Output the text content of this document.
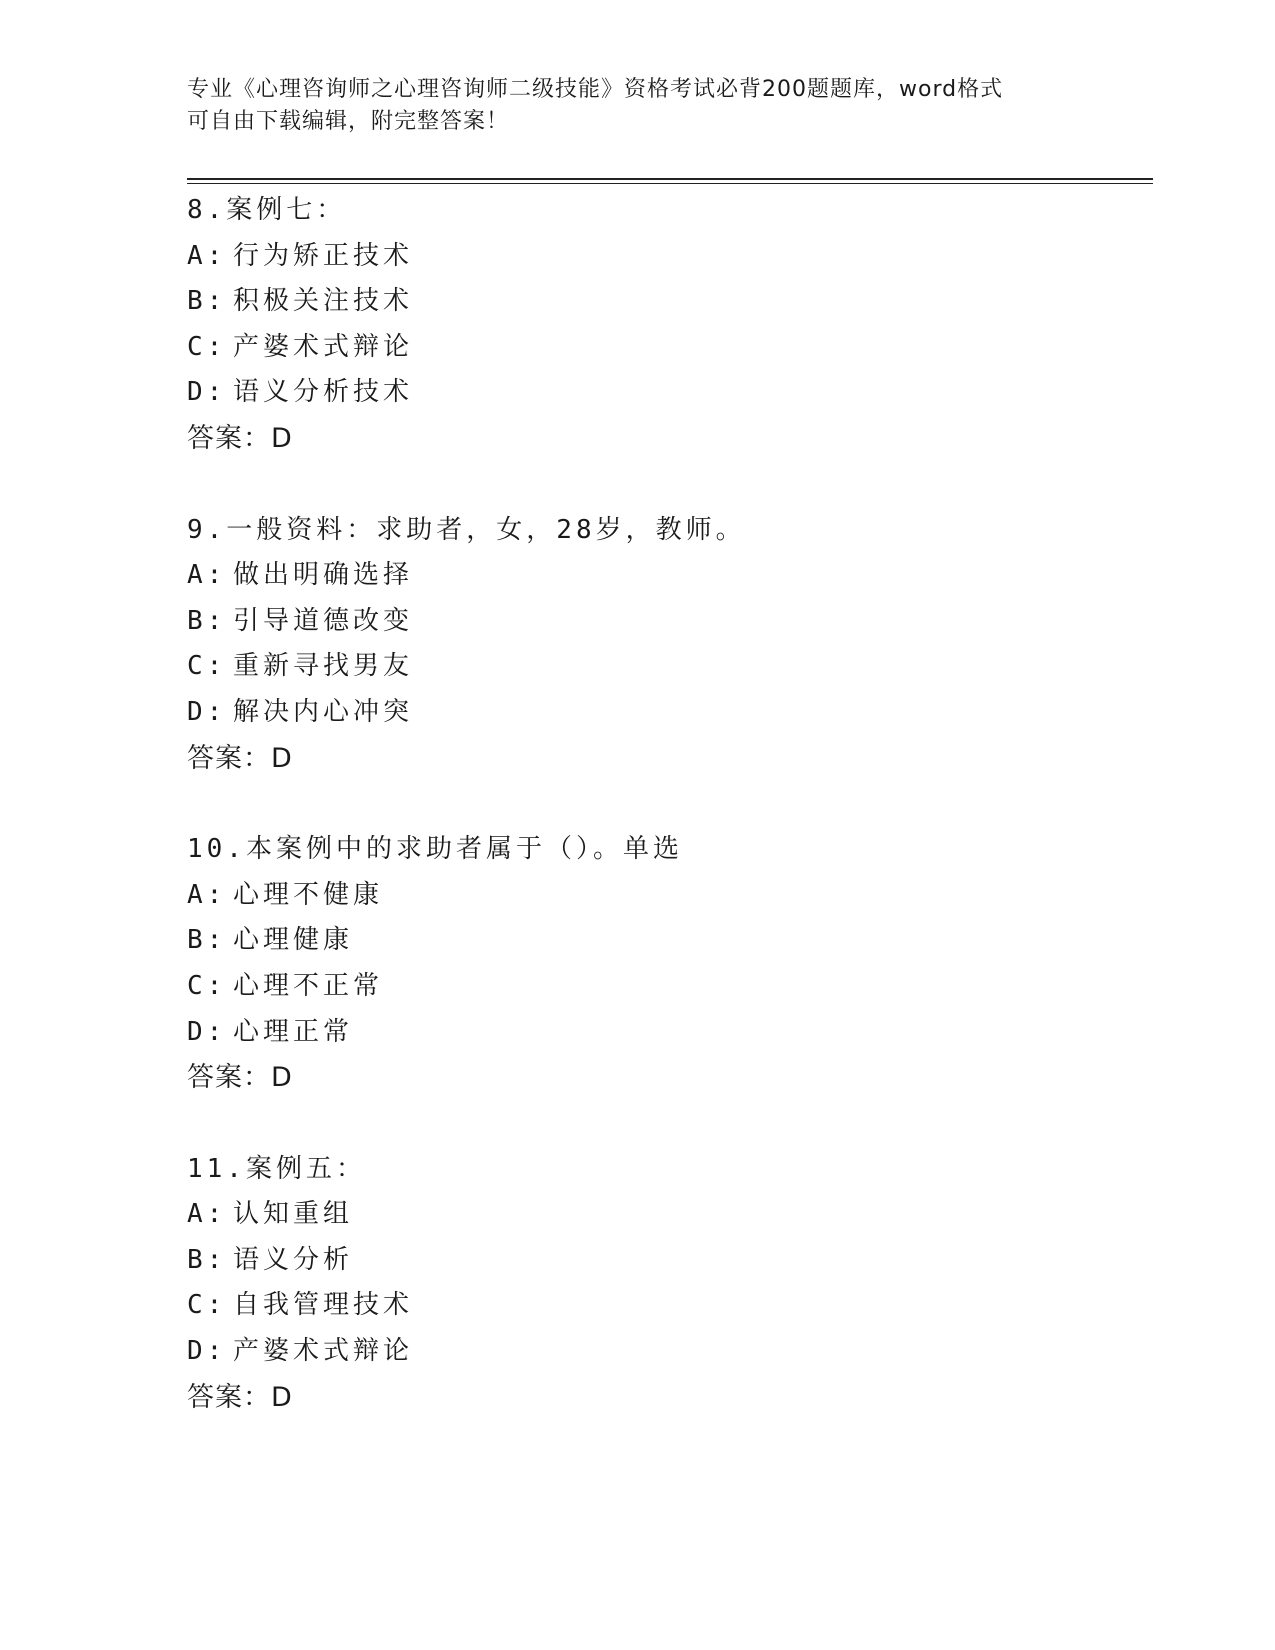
专业《心理咨询师之心理咨询师二级技能》资格考试必背200题题库，word格式
可自由下载编辑，附完整答案！
8.案例七：
A: 行为矫正技术
B: 积极关注技术
C: 产婆术式辩论
D: 语义分析技术
答案：D
9.一般资料：求助者，女，28岁，教师。
A: 做出明确选择
B: 引导道德改变
C: 重新寻找男友
D: 解决内心冲突
答案：D
10.本案例中的求助者属于（）。单选
A: 心理不健康
B: 心理健康
C: 心理不正常
D: 心理正常
答案：D
11.案例五：
A: 认知重组
B: 语义分析
C: 自我管理技术
D: 产婆术式辩论
答案：D
